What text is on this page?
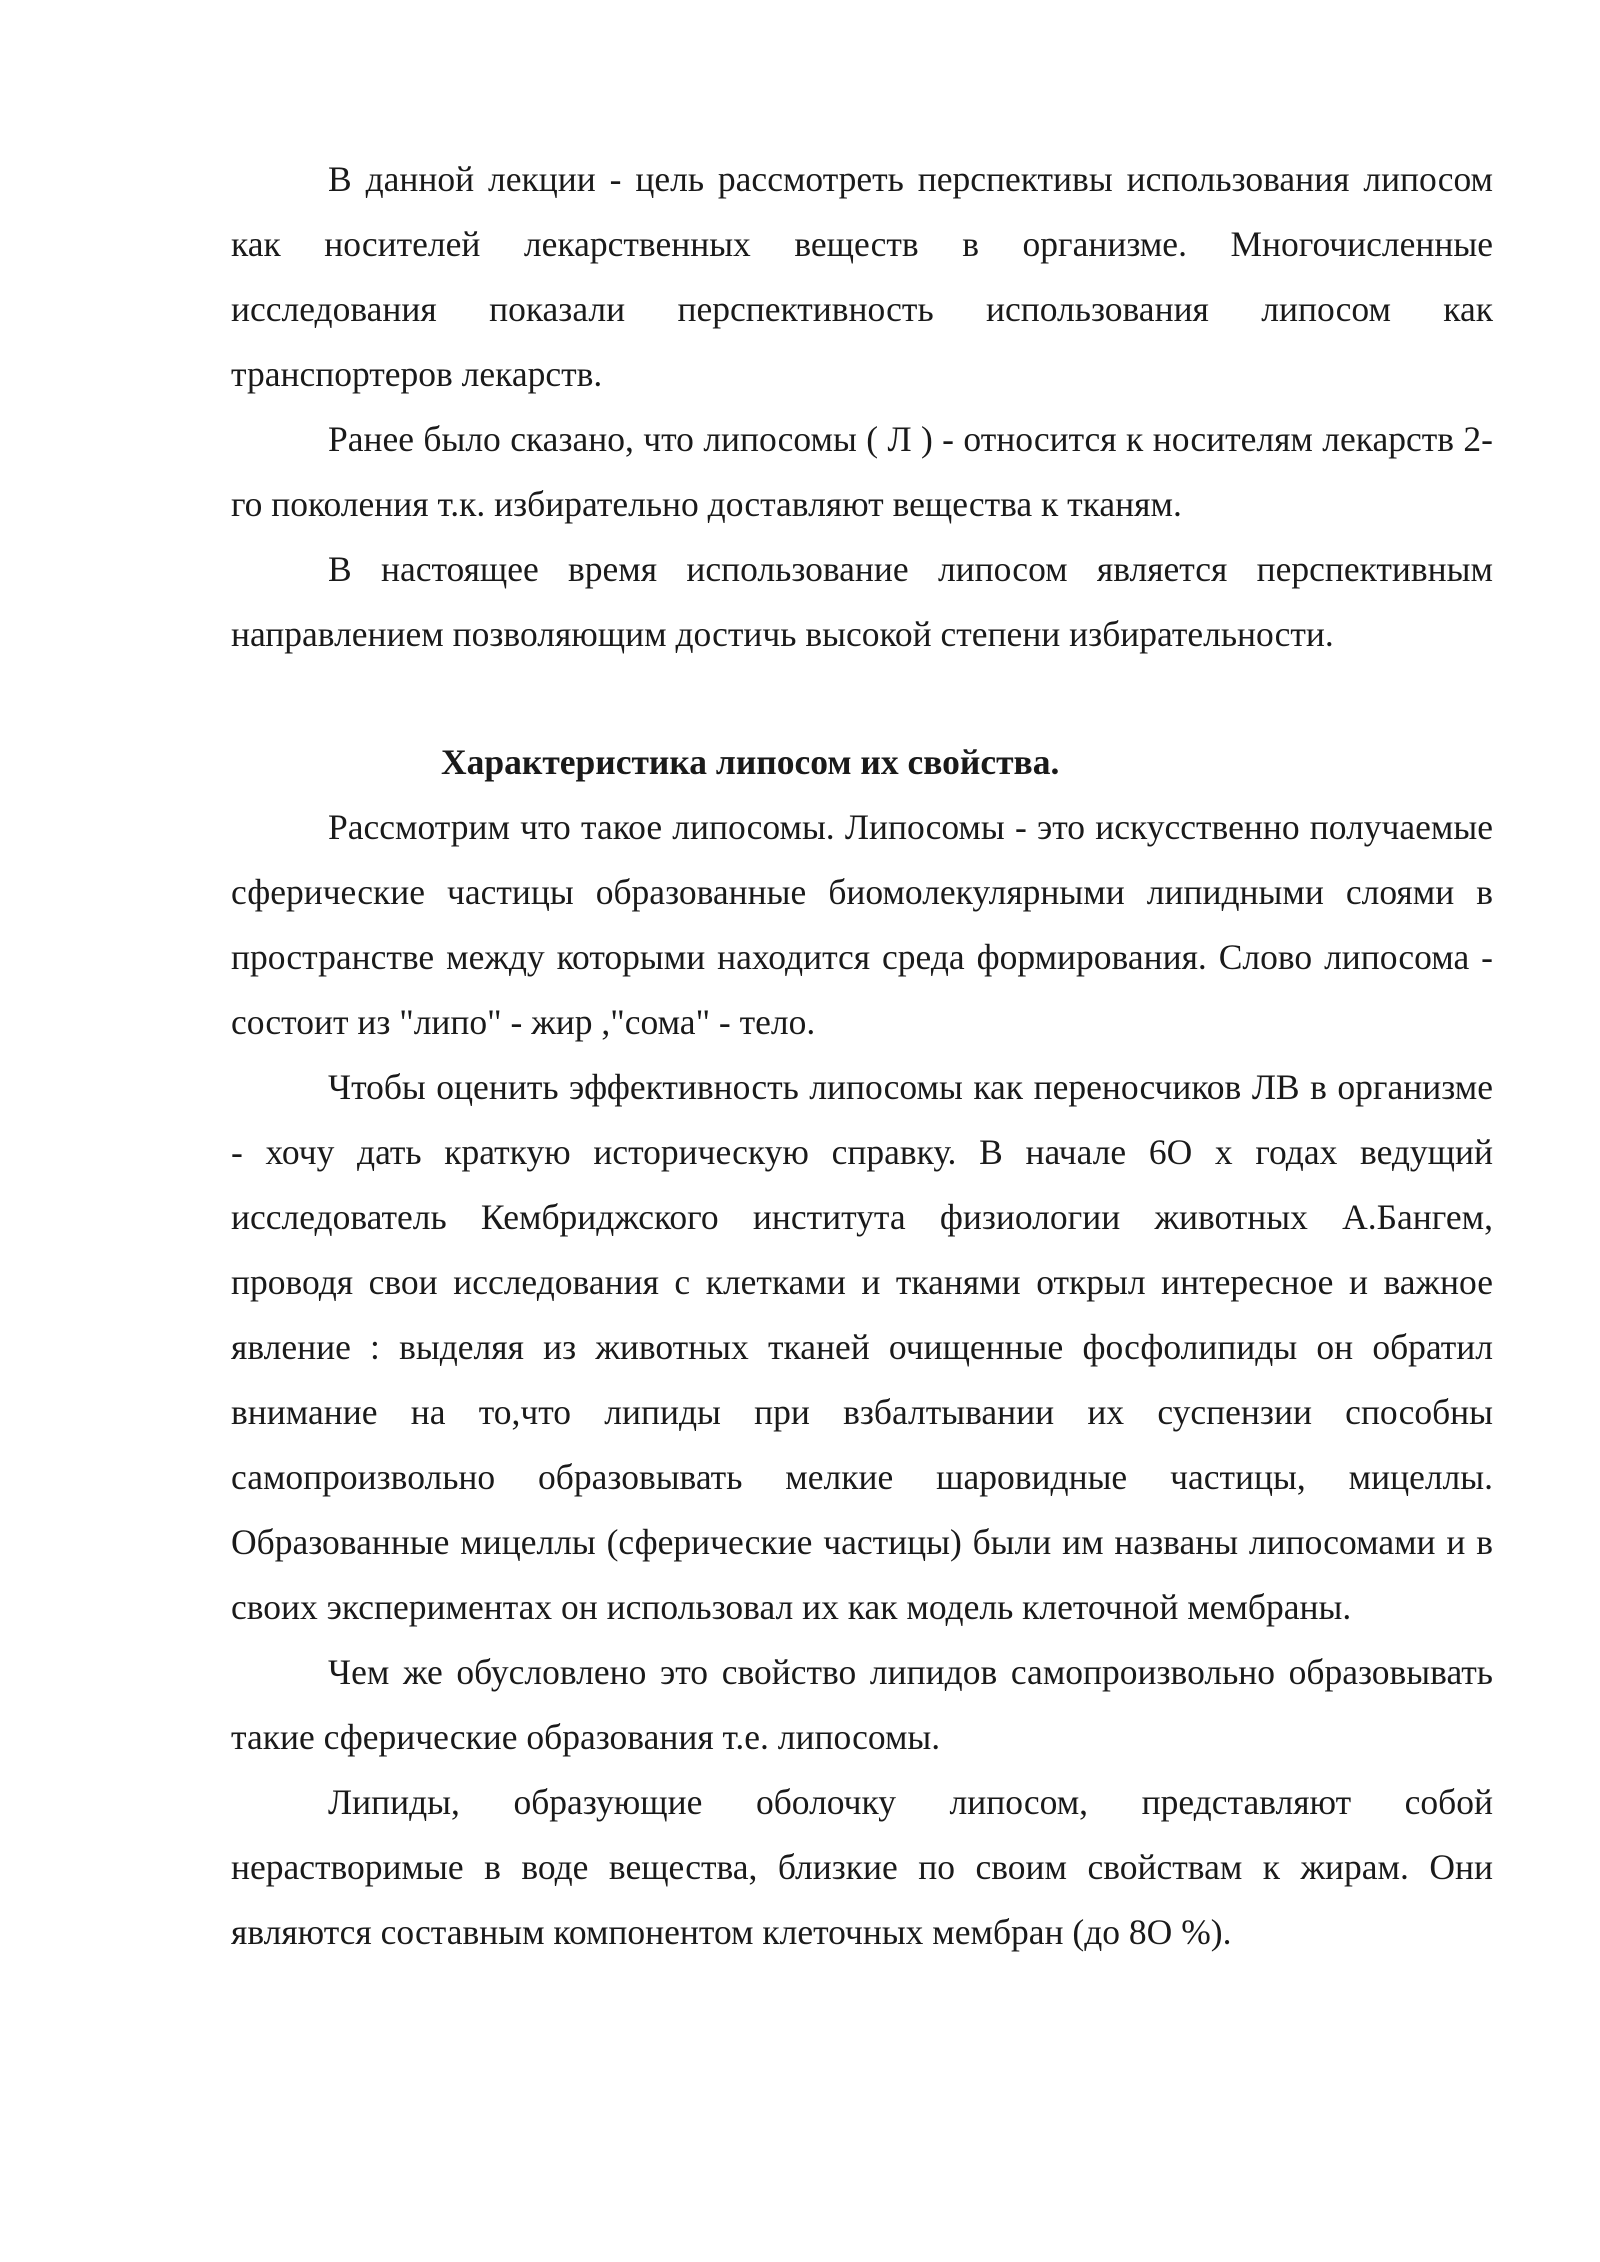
В данной лекции - цель рассмотреть перспективы использования липосом как носителей лекарственных веществ в организме. Многочисленные исследования показали перспективность использования липосом как транспортеров лекарств.

Ранее было сказано, что липосомы ( Л ) - относится к носителям лекарств 2-го поколения т.к. избирательно доставляют вещества к тканям.

В настоящее время использование липосом является перспективным направлением позволяющим достичь высокой степени избирательности.

Характеристика липосом их свойства.

Рассмотрим что такое липосомы. Липосомы - это искусственно получаемые сферические частицы образованные биомолекулярными липидными слоями в пространстве между которыми находится среда формирования. Слово липосома - состоит из "липо" - жир ,"сома" - тело.

Чтобы оценить эффективность липосомы как переносчиков ЛВ в организме - хочу дать краткую историческую справку. В начале 6О х годах ведущий исследователь Кембриджского института физиологии животных А.Бангем, проводя свои исследования с клетками и тканями открыл интересное и важное явление : выделяя из животных тканей очищенные фосфолипиды он обратил внимание на то,что липиды при взбалтывании их суспензии способны самопроизвольно образовывать мелкие шаровидные частицы, мицеллы. Образованные мицеллы (сферические частицы) были им названы липосомами и в своих экспериментах он использовал их как модель клеточной мембраны.

Чем же обусловлено это свойство липидов самопроизвольно образовывать такие сферические образования т.е. липосомы.

Липиды, образующие оболочку липосом, представляют собой нерастворимые в воде вещества, близкие по своим свойствам к жирам. Они являются составным компонентом клеточных мембран (до 8О %).
